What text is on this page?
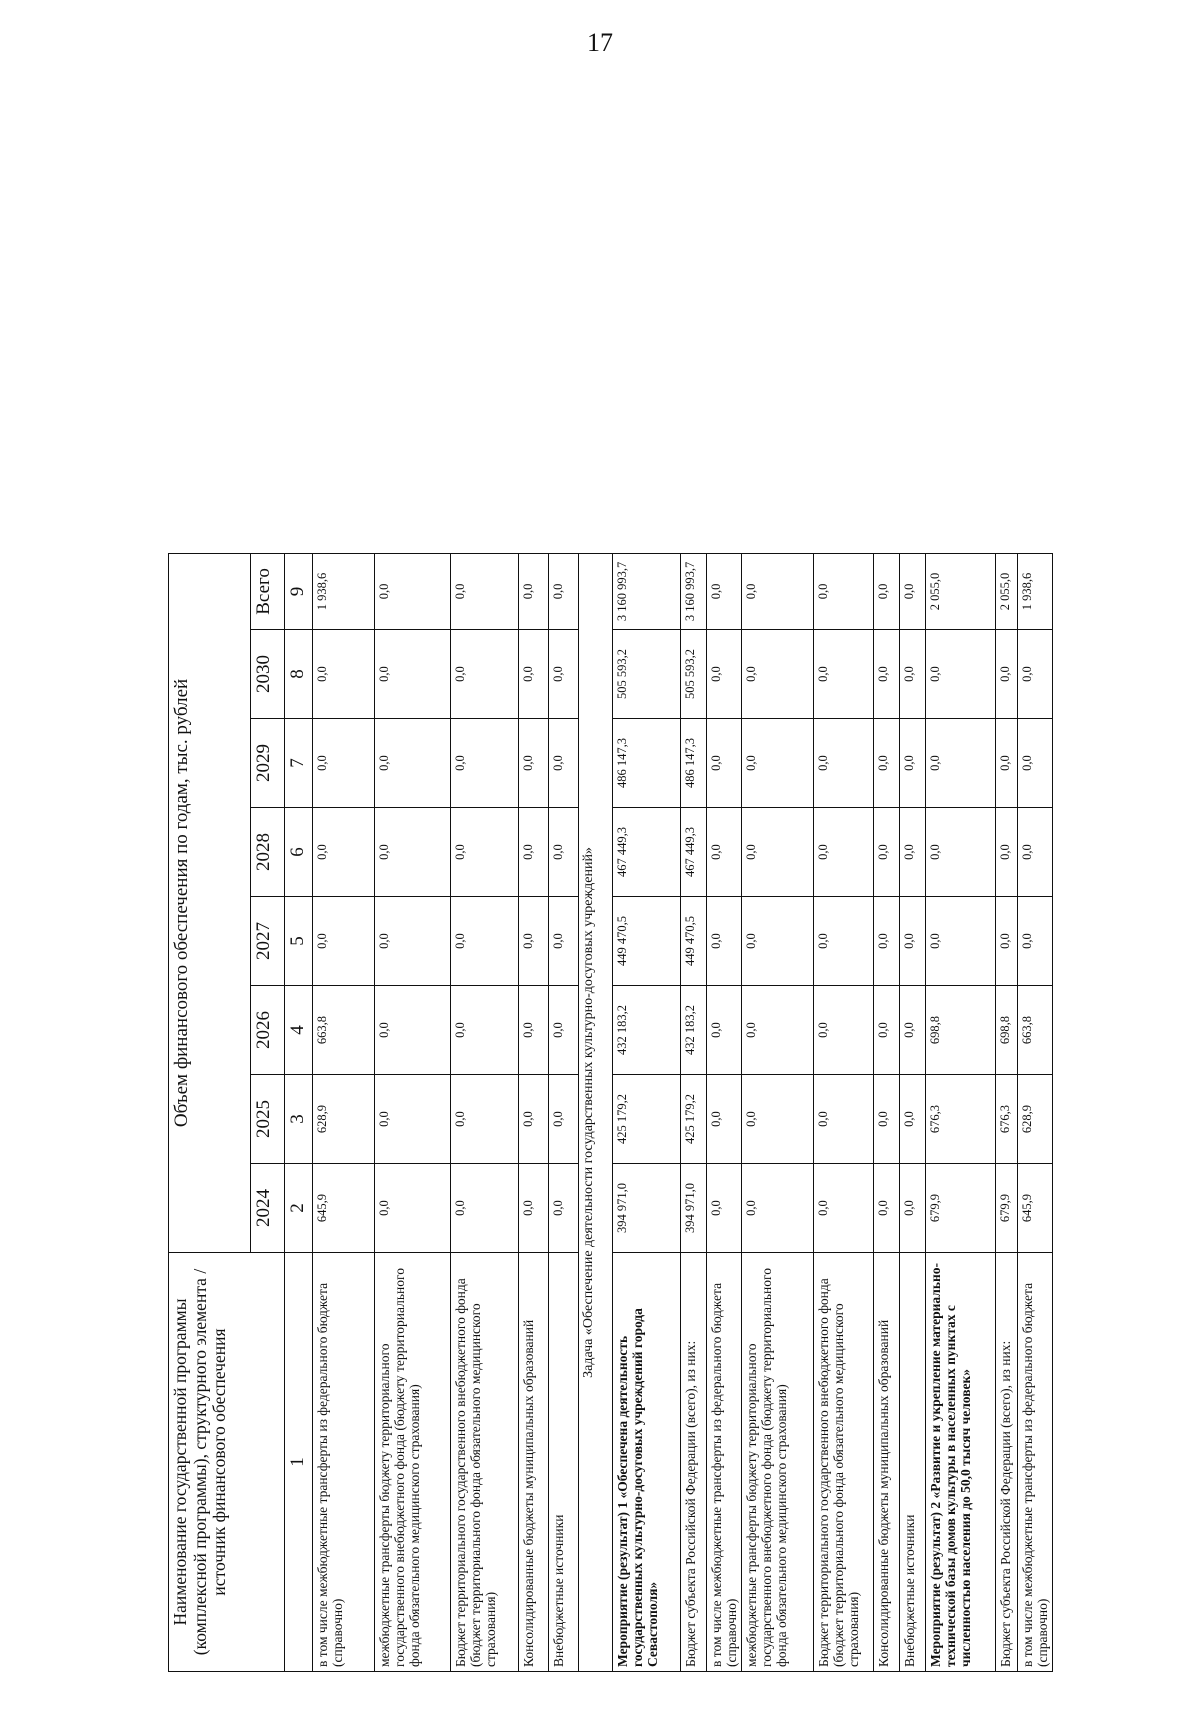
17
Наименование государственной программы (комплексной программы), структурного элемента / источник финансового обеспечения	Объем финансового обеспечения по годам, тыс. рублей							
	2024	2025	2026	2027	2028	2029	2030	Всего
1	2	3	4	5	6	7	8	9
в том числе межбюджетные трансферты из федерального бюджета (справочно)	645,9	628,9	663,8	0,0	0,0	0,0	0,0	1 938,6
межбюджетные трансферты бюджету территориального государственного внебюджетного фонда (бюджету территориального фонда обязательного медицинского страхования)	0,0	0,0	0,0	0,0	0,0	0,0	0,0	0,0
Бюджет территориального государственного внебюджетного фонда (бюджет территориального фонда обязательного медицинского страхования)	0,0	0,0	0,0	0,0	0,0	0,0	0,0	0,0
Консолидированные бюджеты муниципальных образований	0,0	0,0	0,0	0,0	0,0	0,0	0,0	0,0
Внебюджетные источники	0,0	0,0	0,0	0,0	0,0	0,0	0,0	0,0
Задача «Обеспечение деятельности государственных культурно-досуговых учреждений»								
Мероприятие (результат) 1 «Обеспечена деятельность государственных культурно-досуговых учреждений города Севастополя»	394 971,0	425 179,2	432 183,2	449 470,5	467 449,3	486 147,3	505 593,2	3 160 993,7
Бюджет субъекта Российской Федерации (всего), из них:	394 971,0	425 179,2	432 183,2	449 470,5	467 449,3	486 147,3	505 593,2	3 160 993,7
в том числе межбюджетные трансферты из федерального бюджета (справочно)	0,0	0,0	0,0	0,0	0,0	0,0	0,0	0,0
межбюджетные трансферты бюджету территориального государственного внебюджетного фонда (бюджету территориального фонда обязательного медицинского страхования)	0,0	0,0	0,0	0,0	0,0	0,0	0,0	0,0
Бюджет территориального государственного внебюджетного фонда (бюджет территориального фонда обязательного медицинского страхования)	0,0	0,0	0,0	0,0	0,0	0,0	0,0	0,0
Консолидированные бюджеты муниципальных образований	0,0	0,0	0,0	0,0	0,0	0,0	0,0	0,0
Внебюджетные источники	0,0	0,0	0,0	0,0	0,0	0,0	0,0	0,0
Мероприятие (результат) 2 «Развитие и укрепление материально-технической базы домов культуры в населенных пунктах с численностью населения до 50,0 тысяч человек»	679,9	676,3	698,8	0,0	0,0	0,0	0,0	2 055,0
Бюджет субъекта Российской Федерации (всего), из них:	679,9	676,3	698,8	0,0	0,0	0,0	0,0	2 055,0
в том числе межбюджетные трансферты из федерального бюджета (справочно)	645,9	628,9	663,8	0,0	0,0	0,0	0,0	1 938,6
